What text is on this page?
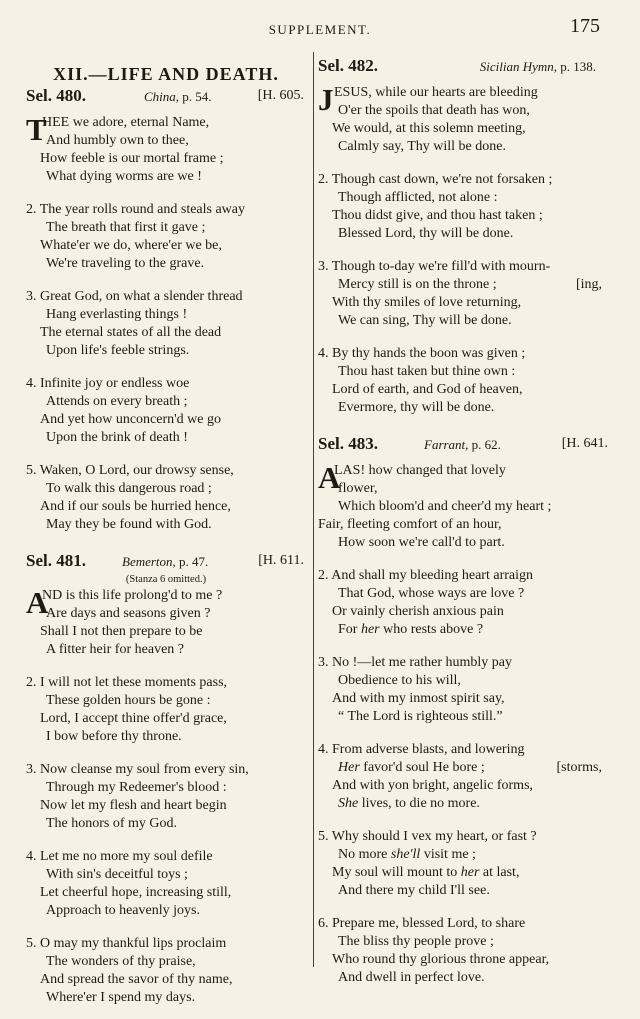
SUPPLEMENT.	175
XII.—LIFE AND DEATH.
Sel. 480.	China, p. 54.	[H. 605.
T
HEE we adore, eternal Name,
And humbly own to thee,
How feeble is our mortal frame ;
What dying worms are we !
2. The year rolls round and steals away
The breath that first it gave ;
Whate'er we do, where'er we be,
We're traveling to the grave.
3. Great God, on what a slender thread
Hang everlasting things !
The eternal states of all the dead
Upon life's feeble strings.
4. Infinite joy or endless woe
Attends on every breath ;
And yet how unconcern'd we go
Upon the brink of death !
5. Waken, O Lord, our drowsy sense,
To walk this dangerous road ;
And if our souls be hurried hence,
May they be found with God.
Sel. 481.	Bemerton, p. 47.	[H. 611.
(Stanza 6 omitted.)
A
ND is this life prolong'd to me ?
Are days and seasons given ?
Shall I not then prepare to be
A fitter heir for heaven ?
2. I will not let these moments pass,
These golden hours be gone :
Lord, I accept thine offer'd grace,
I bow before thy throne.
3. Now cleanse my soul from every sin,
Through my Redeemer's blood :
Now let my flesh and heart begin
The honors of my God.
4. Let me no more my soul defile
With sin's deceitful toys ;
Let cheerful hope, increasing still,
Approach to heavenly joys.
5. O may my thankful lips proclaim
The wonders of thy praise,
And spread the savor of thy name,
Where'er I spend my days.
Sel. 482.	Sicilian Hymn, p. 138.
J ESUS, while our hearts are bleeding
O'er the spoils that death has won,
We would, at this solemn meeting,
Calmly say, Thy will be done.
2. Though cast down, we're not forsaken ;
Though afflicted, not alone :
Thou didst give, and thou hast taken ;
Blessed Lord, thy will be done.
3. Though to-day we're fill'd with mourn-
Mercy still is on the throne ;	[ing,
With thy smiles of love returning,
We can sing, Thy will be done.
4. By thy hands the boon was given ;
Thou hast taken but thine own :
Lord of earth, and God of heaven,
Evermore, thy will be done.
Sel. 483.	Farrant, p. 62.	[H. 641.
A
LAS! how changed that lovely
flower,
Which bloom'd and cheer'd my heart ;
Fair, fleeting comfort of an hour,
How soon we're call'd to part.
2. And shall my bleeding heart arraign
That God, whose ways are love ?
Or vainly cherish anxious pain
For her who rests above ?
3. No !—let me rather humbly pay
Obedience to his will,
And with my inmost spirit say,
“ The Lord is righteous still.”
4. From adverse blasts, and lowering
Her favor'd soul He bore ;	[storms,
And with yon bright, angelic forms,
She lives, to die no more.
5. Why should I vex my heart, or fast ?
No more she'll visit me ;
My soul will mount to her at last,
And there my child I'll see.
6. Prepare me, blessed Lord, to share
The bliss thy people prove ;
Who round thy glorious throne appear,
And dwell in perfect love.
